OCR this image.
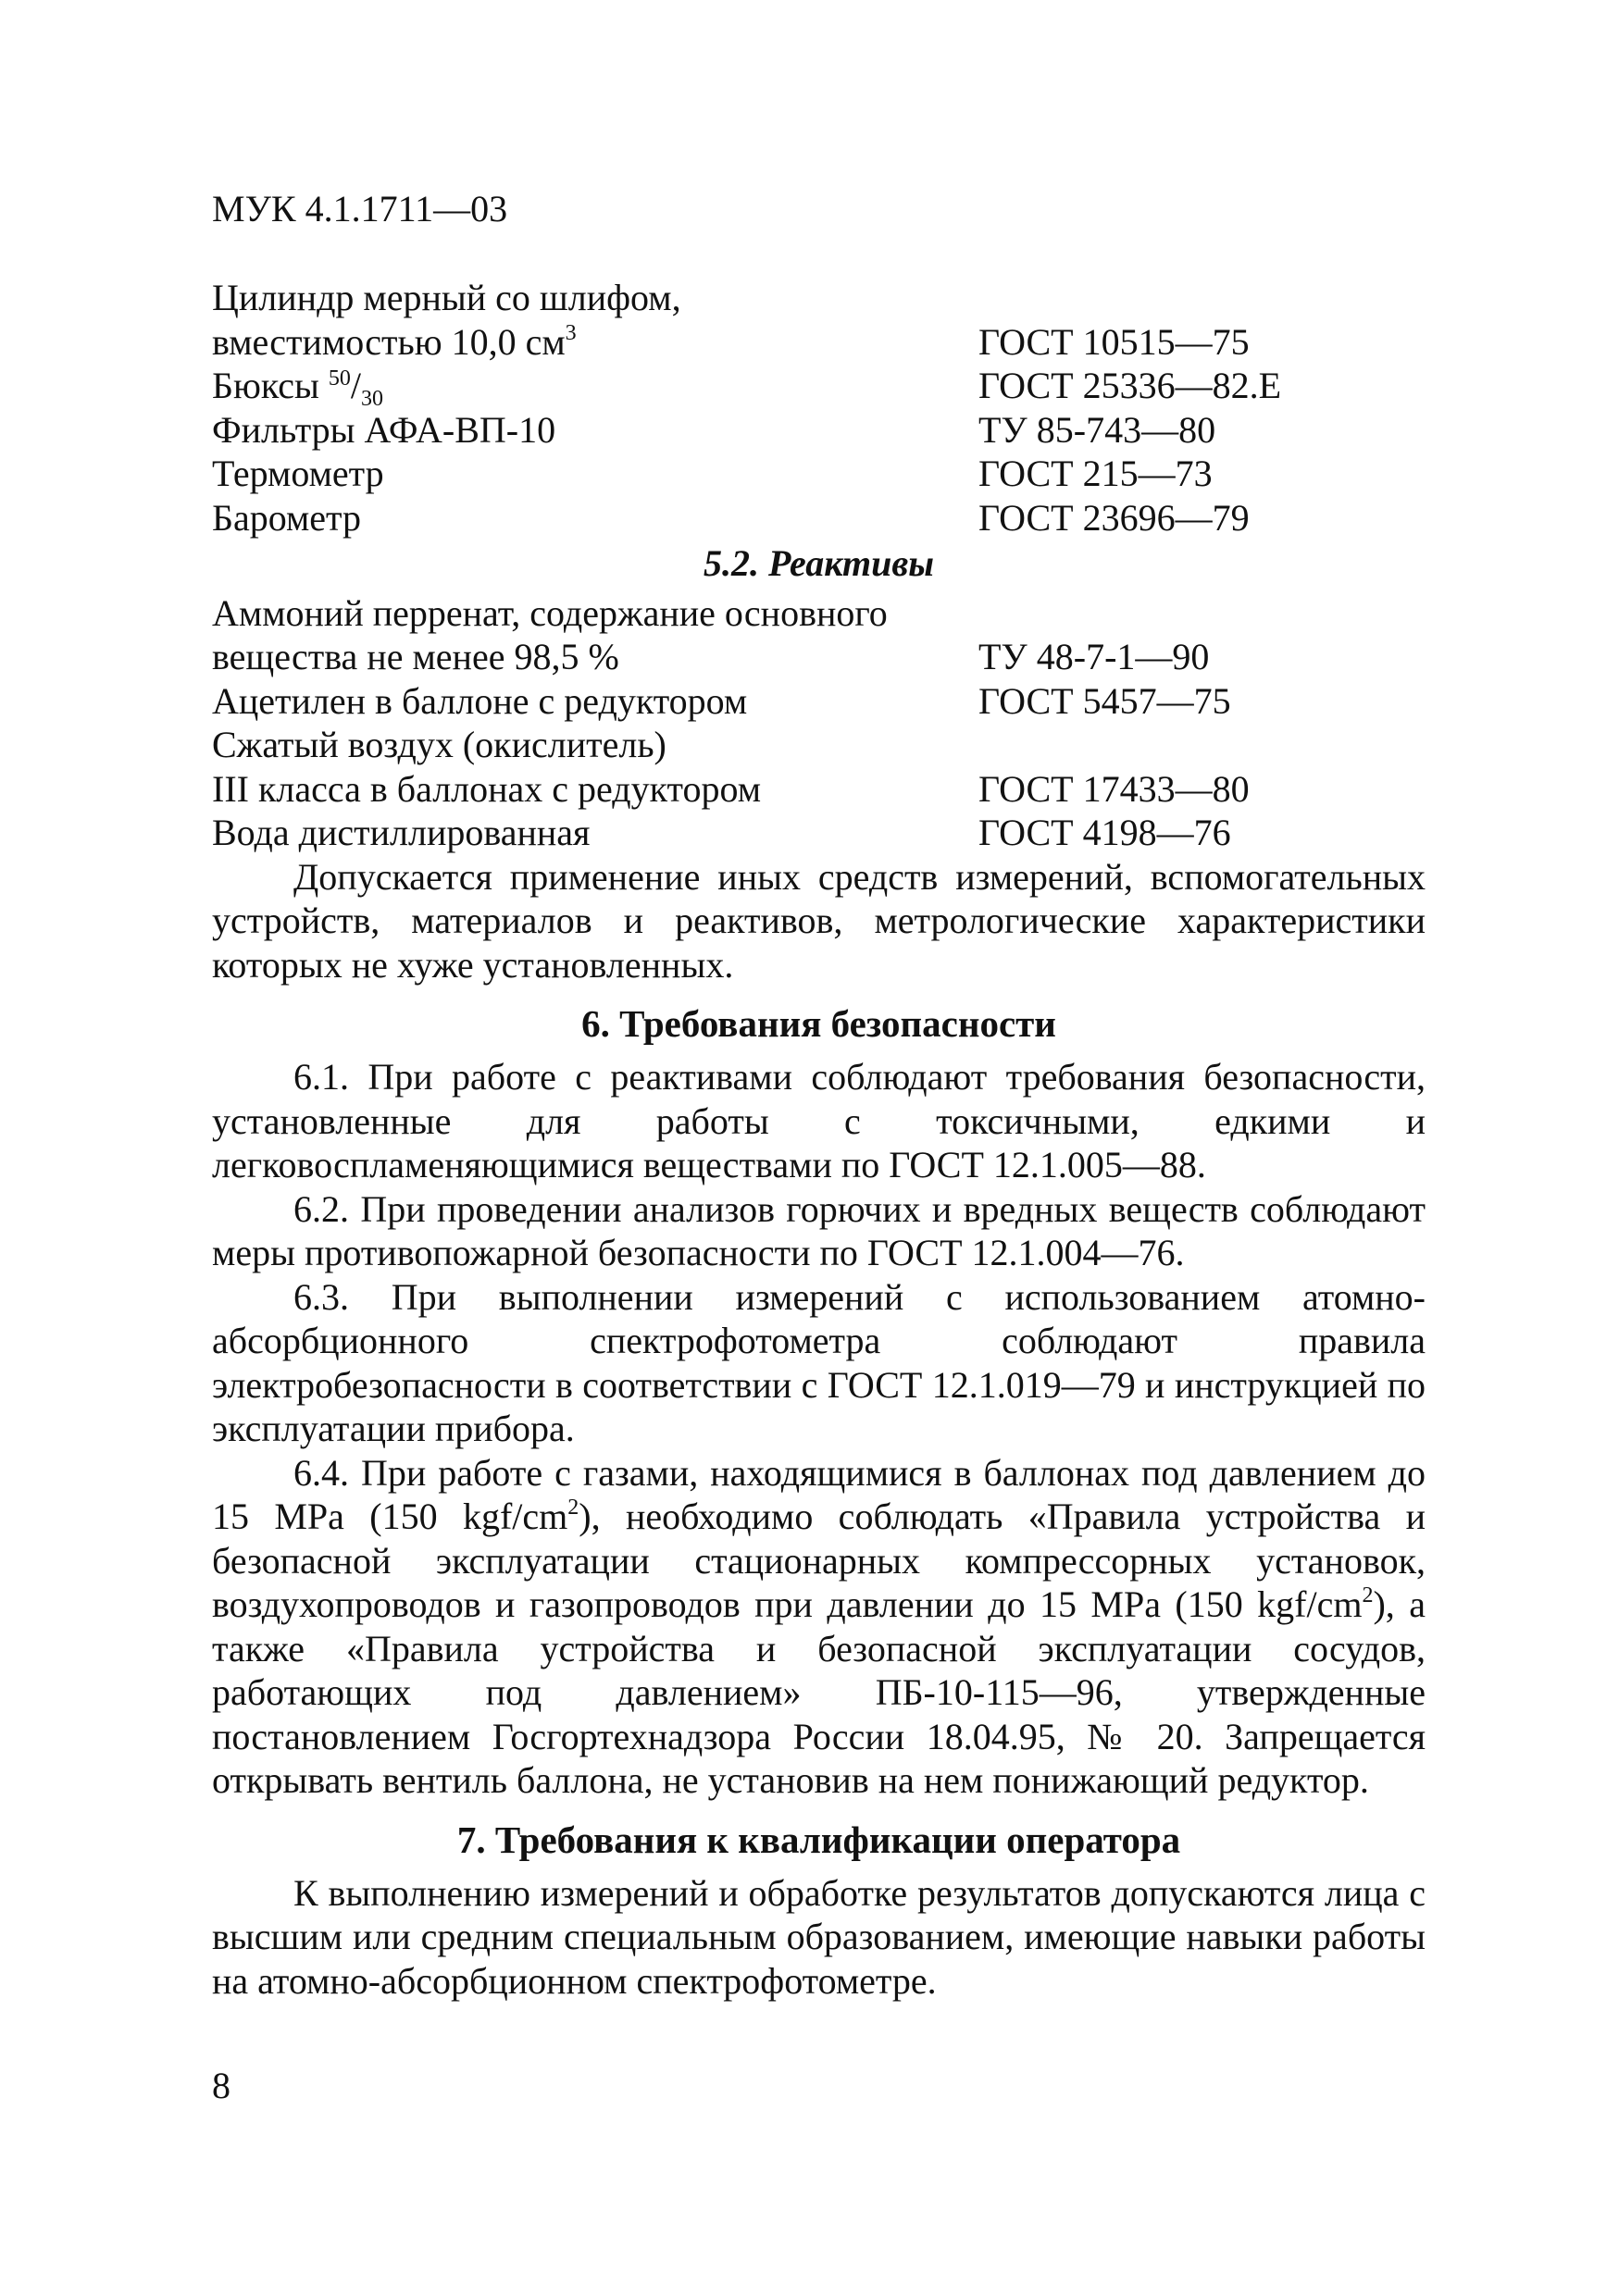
МУК 4.1.1711—03

Цилиндр мерный со шлифом,
вместимостью 10,0 $см^3$	ГОСТ 10515—75
Бюксы $^{50}/_{30}$	ГОСТ 25336—82.Е
Фильтры АФА-ВП-10	ТУ 85-743—80
Термометр	ГОСТ 215—73
Барометр	ГОСТ 23696—79
5.2. Реактивы
Аммоний перренат, содержание основного
вещества не менее 98,5 %	ТУ 48-7-1—90
Ацетилен в баллоне с редуктором	ГОСТ 5457—75
Сжатый воздух (окислитель)
III класса в баллонах с редуктором	ГОСТ 17433—80
Вода дистиллированная	ГОСТ 4198—76

Допускается применение иных средств измерений, вспомогательных устройств, материалов и реактивов, метрологические характеристики которых не хуже установленных.

6. Требования безопасности

6.1. При работе с реактивами соблюдают требования безопасности, установленные для работы с токсичными, едкими и легковоспламеняющимися веществами по ГОСТ 12.1.005—88.

6.2. При проведении анализов горючих и вредных веществ соблюдают меры противопожарной безопасности по ГОСТ 12.1.004—76.

6.3. При выполнении измерений с использованием атомно-абсорбционного спектрофотометра соблюдают правила электробезопасности в соответствии с ГОСТ 12.1.019—79 и инструкцией по эксплуатации прибора.

6.4. При работе с газами, находящимися в баллонах под давлением до 15 МРа (150 kgf/$cm^2$), необходимо соблюдать «Правила устройства и безопасной эксплуатации стационарных компрессорных установок, воздухопроводов и газопроводов при давлении до 15 МРа (150 kgf/$cm^2$), а также «Правила устройства и безопасной эксплуатации сосудов, работающих под давлением» ПБ-10-115—96, утвержденные постановлением Госгортехнадзора России 18.04.95, № 20. Запрещается открывать вентиль баллона, не установив на нем понижающий редуктор.

7. Требования к квалификации оператора

К выполнению измерений и обработке результатов допускаются лица с высшим или средним специальным образованием, имеющие навыки работы на атомно-абсорбционном спектрофотометре.

8
